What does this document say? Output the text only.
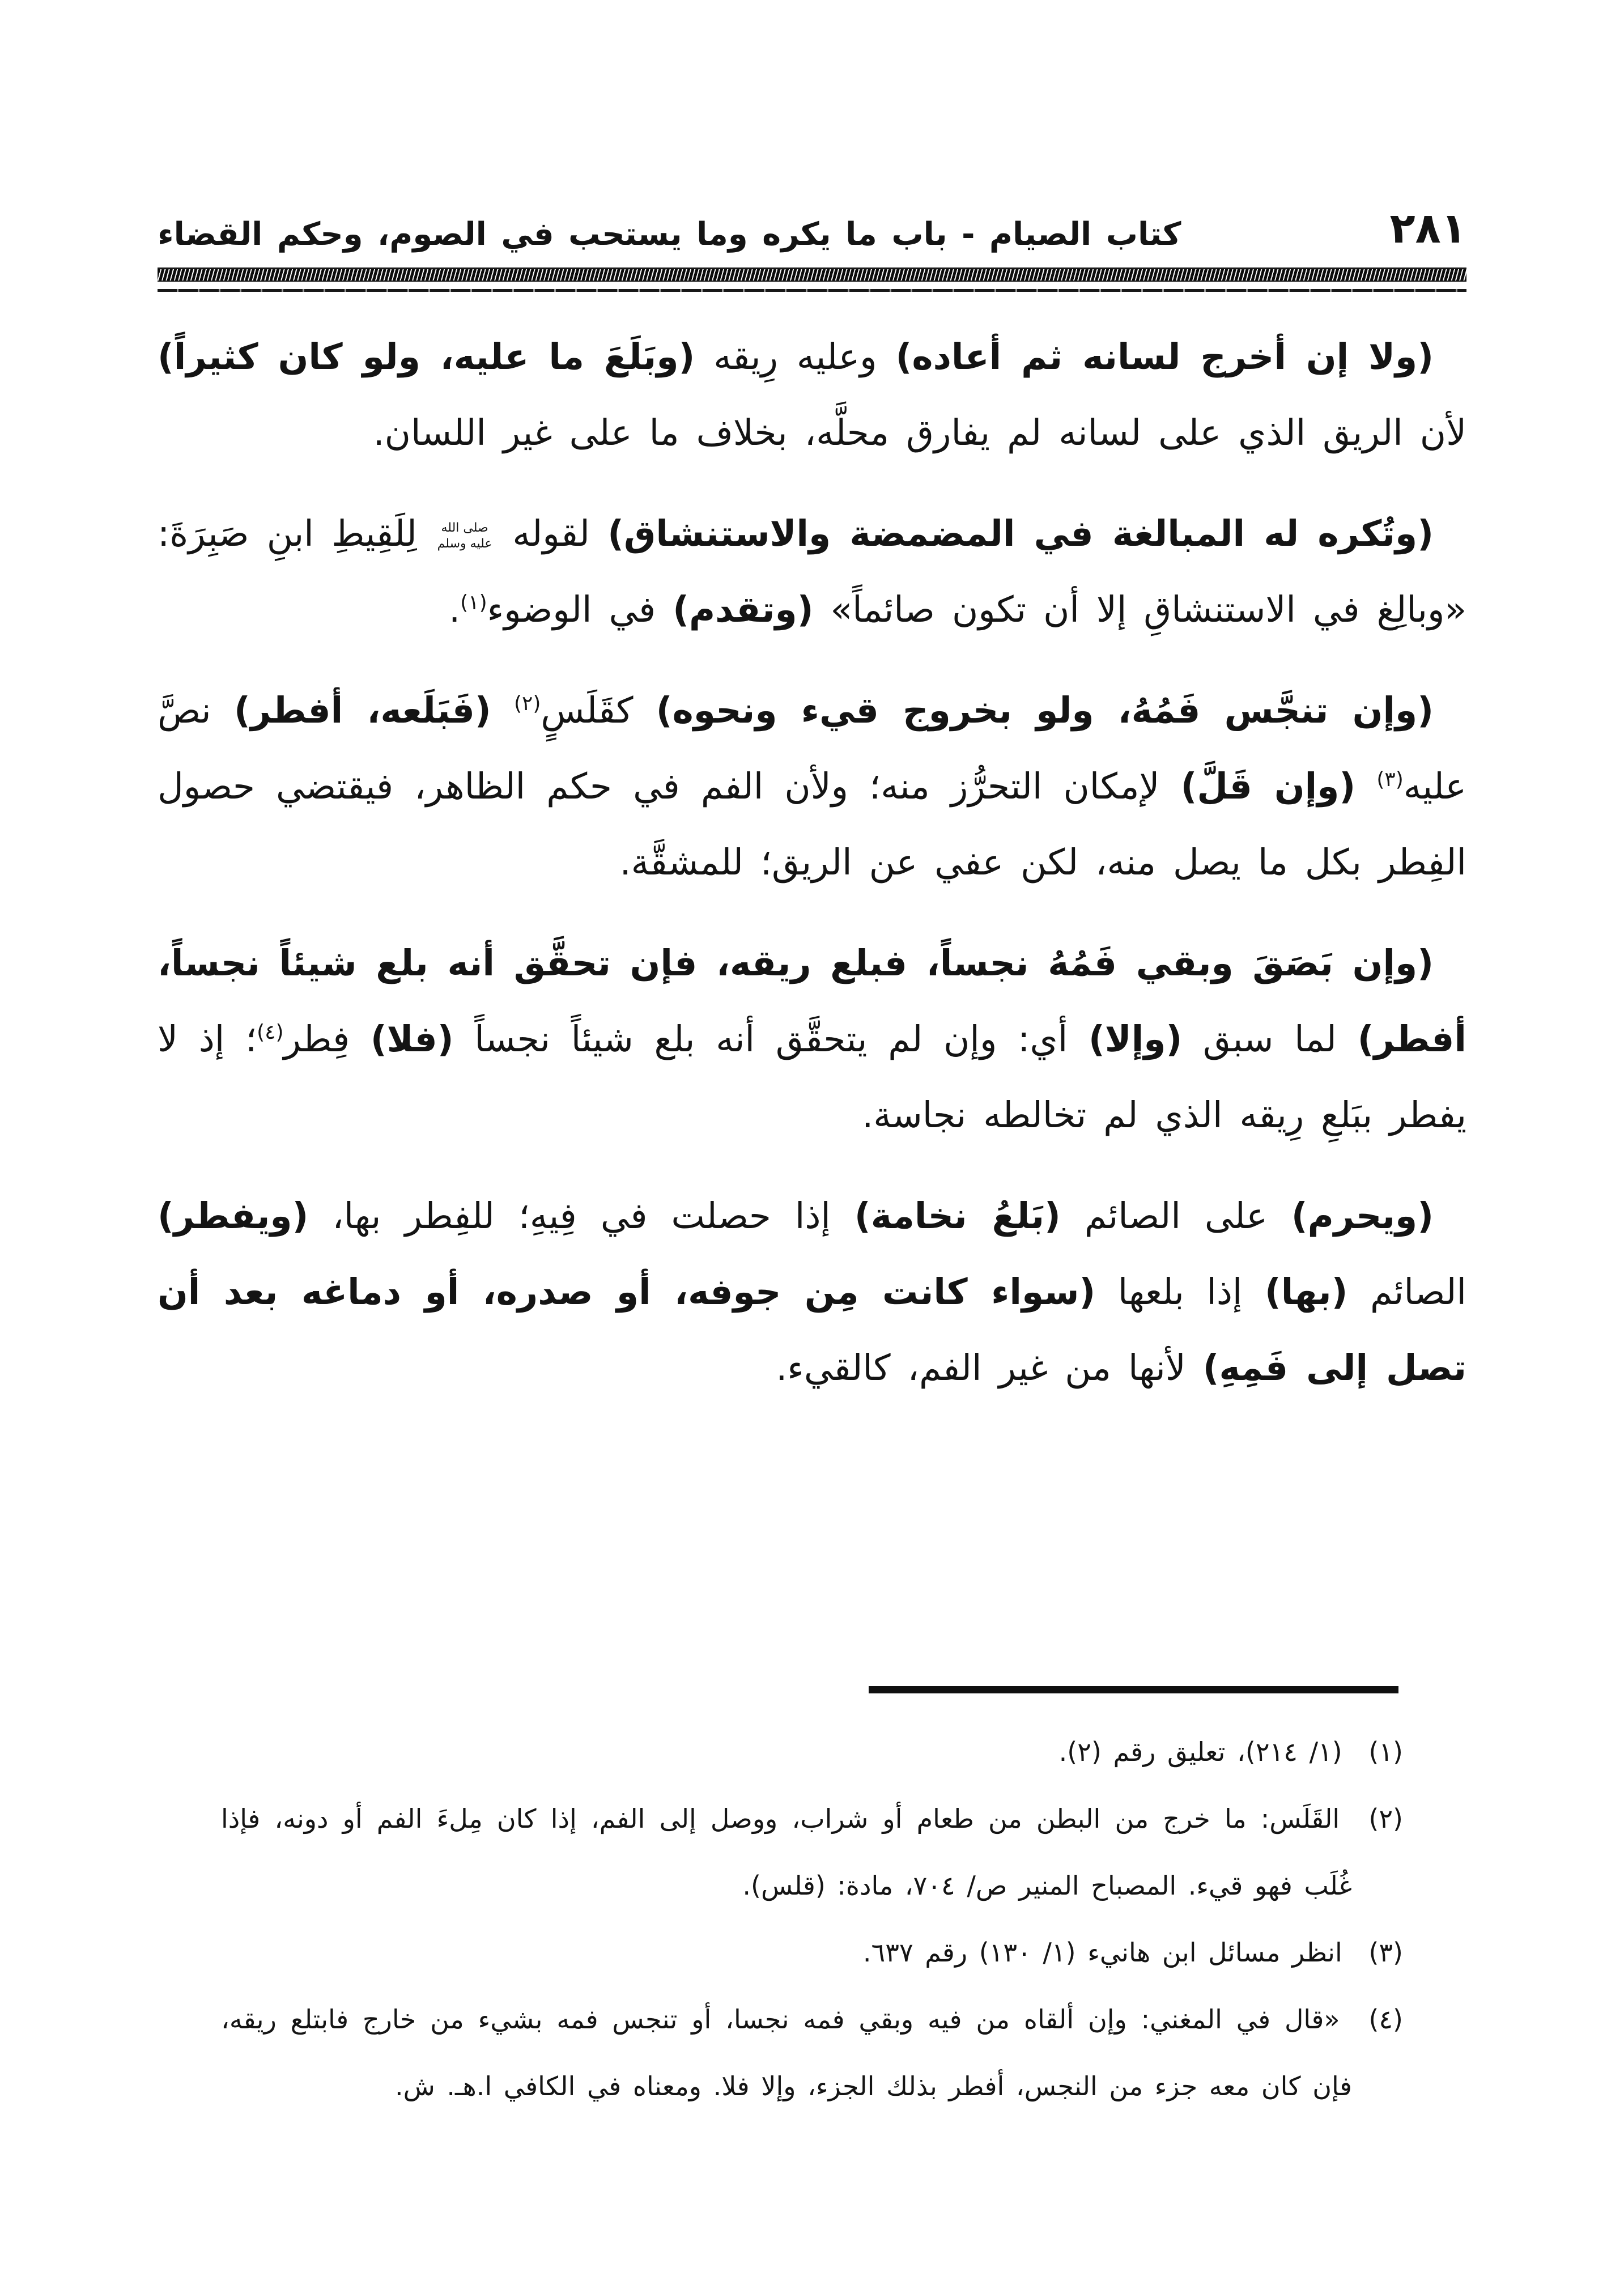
٢٨١
كتاب الصيام - باب ما يكره وما يستحب في الصوم، وحكم القضاء

(ولا إن أخرج لسانه ثم أعاده) وعليه رِيقه (وبَلَعَ ما عليه، ولو كان كثيراً) لأن الريق الذي على لسانه لم يفارق محلَّه، بخلاف ما على غير اللسان.

(وتُكره له المبالغة في المضمضة والاستنشاق) لقوله صلى الله عليه وسلم لِلَقِيطِ ابنِ صَبِرَةَ: «وبالِغ في الاستنشاقِ إلا أن تكون صائماً» (وتقدم) في الوضوء$^{(١)}$.

(وإن تنجَّس فَمُهُ، ولو بخروج قيء ونحوه) كقَلَسٍ$^{(٢)}$ (فَبَلَعه، أفطر) نصَّ عليه$^{(٣)}$ (وإن قَلَّ) لإمكان التحرُّز منه؛ ولأن الفم في حكم الظاهر، فيقتضي حصول الفِطر بكل ما يصل منه، لكن عفي عن الريق؛ للمشقَّة.

(وإن بَصَقَ وبقي فَمُهُ نجساً، فبلع ريقه، فإن تحقَّق أنه بلع شيئاً نجساً، أفطر) لما سبق (وإلا) أي: وإن لم يتحقَّق أنه بلع شيئاً نجساً (فلا) فِطر$^{(٤)}$؛ إذ لا يفطر ببَلعِ رِيقه الذي لم تخالطه نجاسة.

(ويحرم) على الصائم (بَلعُ نخامة) إذا حصلت في فِيهِ؛ للفِطر بها، (ويفطر) الصائم (بها) إذا بلعها (سواء كانت مِن جوفه، أو صدره، أو دماغه بعد أن تصل إلى فَمِهِ) لأنها من غير الفم، كالقيء.

(١) (١/ ٢١٤)، تعليق رقم (٢).

(٢) القَلَس: ما خرج من البطن من طعام أو شراب، ووصل إلى الفم، إذا كان مِلءَ الفم أو دونه، فإذا غُلَب فهو قيء. المصباح المنير ص/ ٧٠٤، مادة: (قلس).

(٣) انظر مسائل ابن هانيء (١/ ١٣٠) رقم ٦٣٧.

(٤) «قال في المغني: وإن ألقاه من فيه وبقي فمه نجسا، أو تنجس فمه بشيء من خارج فابتلع ريقه، فإن كان معه جزء من النجس، أفطر بذلك الجزء، وإلا فلا. ومعناه في الكافي ا.هـ. ش.
